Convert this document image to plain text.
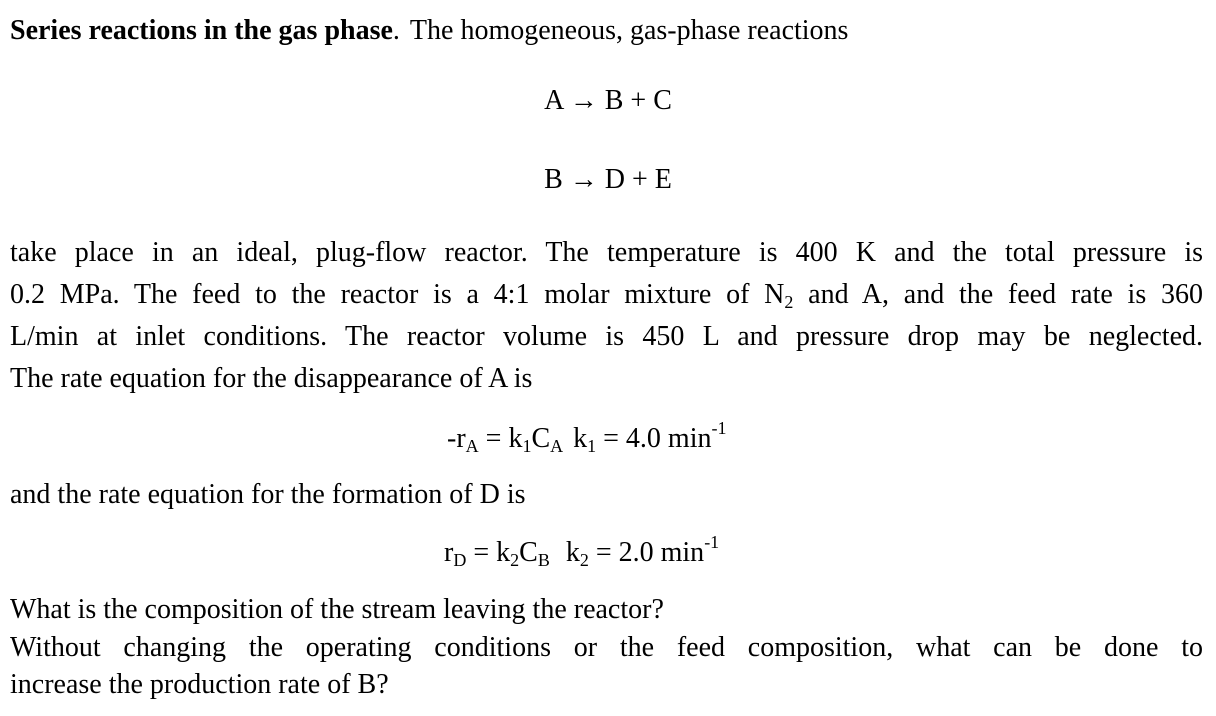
Series reactions in the gas phase. The homogeneous, gas-phase reactions
A → B + C
B → D + E
take place in an ideal, plug-flow reactor. The temperature is 400 K and the total pressure is
0.2 MPa. The feed to the reactor is a 4:1 molar mixture of $N_2$ and A, and the feed rate is 360
L/min at inlet conditions. The reactor volume is 450 L and pressure drop may be neglected.
The rate equation for the disappearance of A is
$-r_A = k_1C_A$ $k_1 = 4.0$ $\min^{-1}$
and the rate equation for the formation of D is
$r_D = k_2C_B$ $k_2 = 2.0$ $\min^{-1}$
What is the composition of the stream leaving the reactor?
Without changing the operating conditions or the feed composition, what can be done to
increase the production rate of B?
